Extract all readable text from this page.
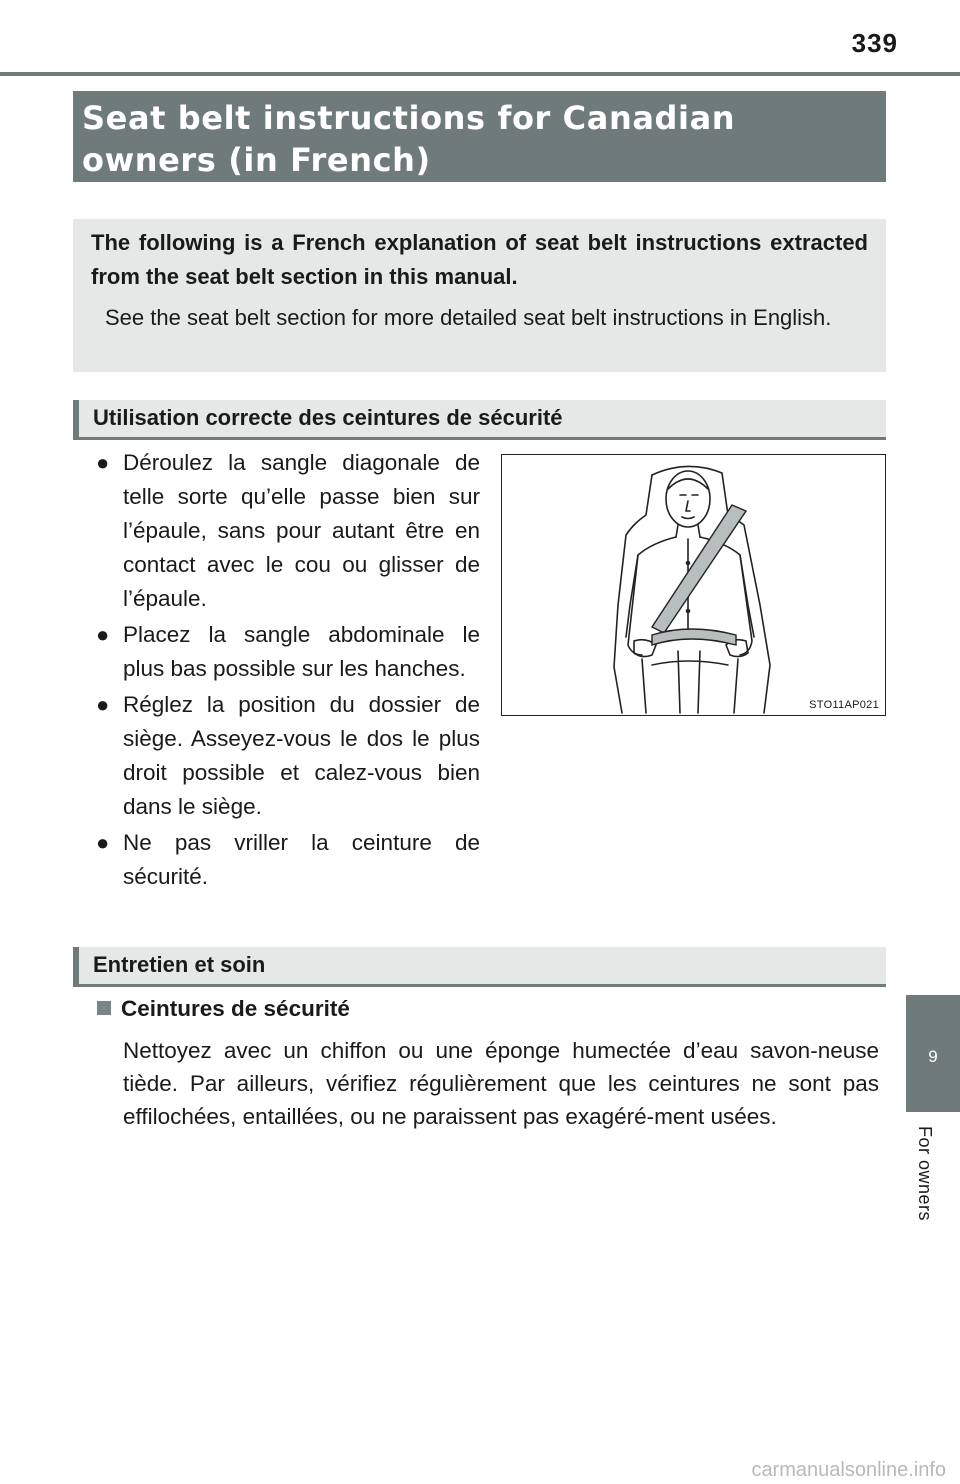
339
Seat belt instructions for Canadian owners (in French)

The following is a French explanation of seat belt instructions extracted from the seat belt section in this manual.

See the seat belt section for more detailed seat belt instructions in English.

Utilisation correcte des ceintures de sécurité
● Déroulez la sangle diagonale de telle sorte qu’elle passe bien sur l’épaule, sans pour autant être en contact avec le cou ou glisser de l’épaule.
● Placez la sangle abdominale le plus bas possible sur les hanches.
● Réglez la position du dossier de siège. Asseyez-vous le dos le plus droit possible et calez-vous bien dans le siège.
● Ne pas vriller la ceinture de sécurité.
STO11AP021
Entretien et soin
Ceintures de sécurité

Nettoyez avec un chiffon ou une éponge humectée d’eau savon-neuse tiède. Par ailleurs, vérifiez régulièrement que les ceintures ne sont pas effilochées, entaillées, ou ne paraissent pas exagéré-ment usées.

9
For owners
carmanualsonline.info
